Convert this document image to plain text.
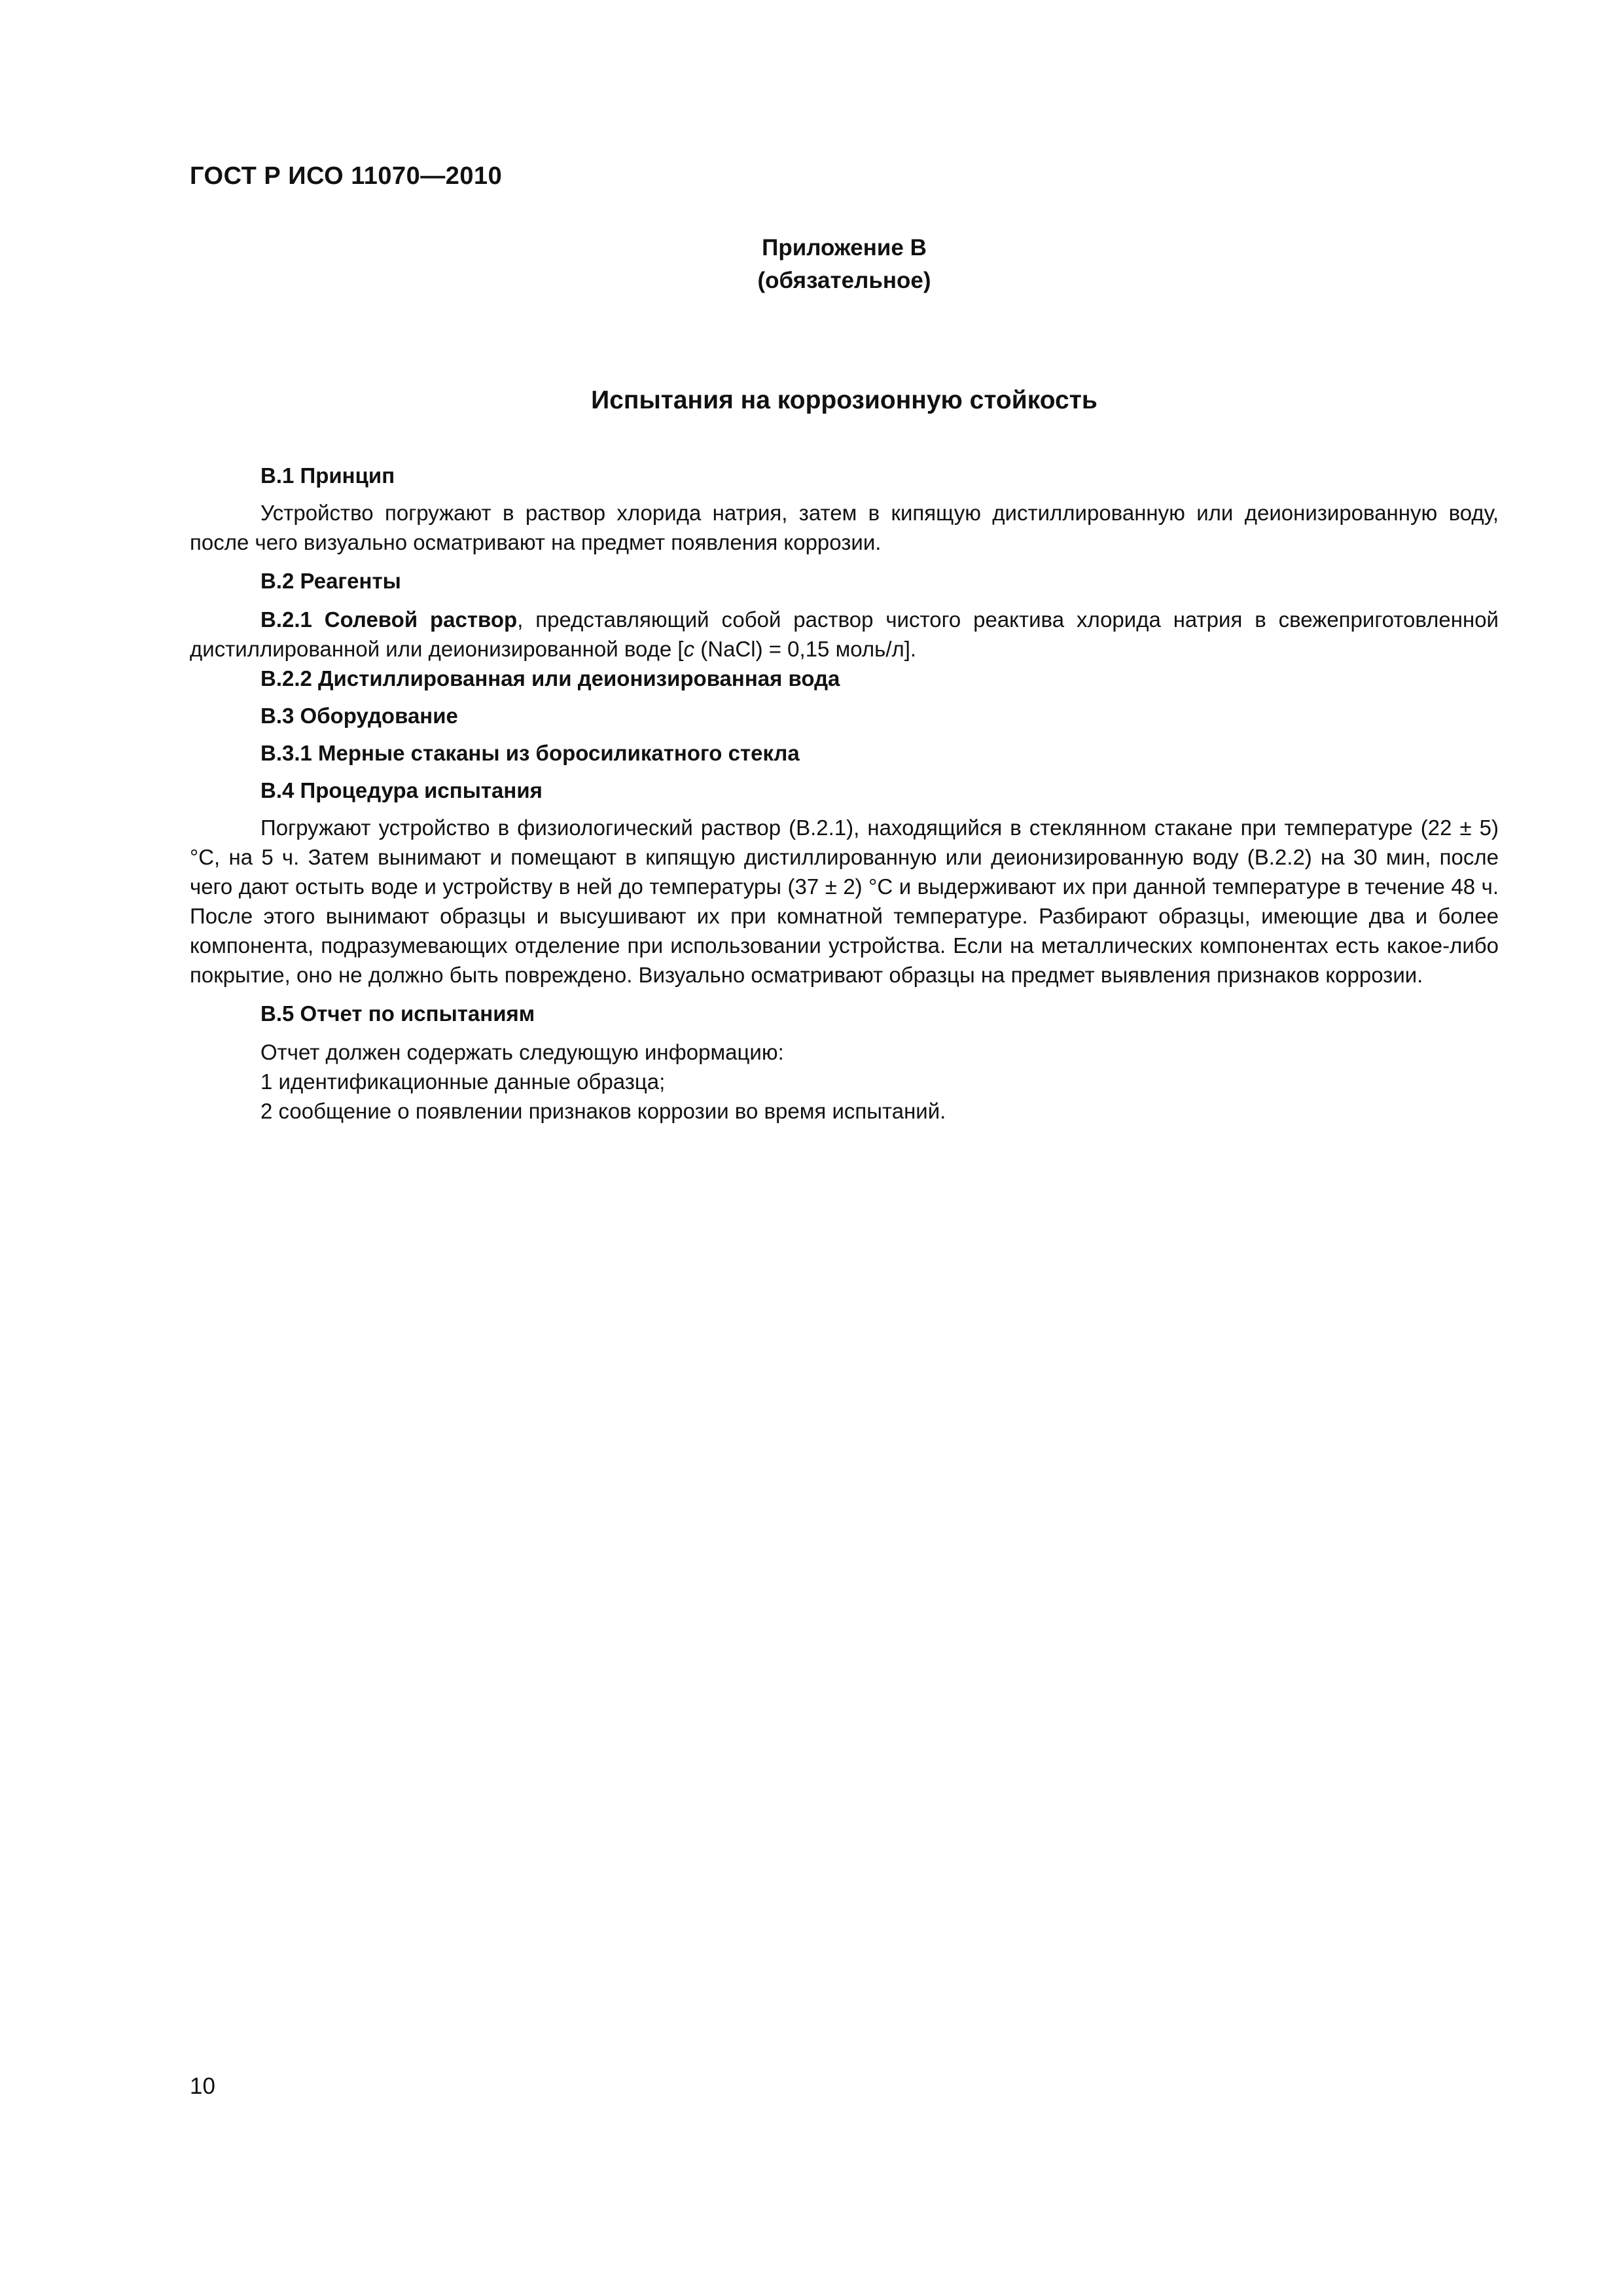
ГОСТ Р ИСО 11070—2010
Приложение В
(обязательное)
Испытания на коррозионную стойкость

В.1 Принцип

Устройство погружают в раствор хлорида натрия, затем в кипящую дистиллированную или деионизированную воду, после чего визуально осматривают на предмет появления коррозии.

В.2 Реагенты

В.2.1 Солевой раствор, представляющий собой раствор чистого реактива хлорида натрия в свежеприготовленной дистиллированной или деионизированной воде [c (NaCl) = 0,15 моль/л].

В.2.2 Дистиллированная или деионизированная вода

В.3 Оборудование

В.3.1 Мерные стаканы из боросиликатного стекла

В.4 Процедура испытания

Погружают устройство в физиологический раствор (В.2.1), находящийся в стеклянном стакане при температуре (22 ± 5) °С, на 5 ч. Затем вынимают и помещают в кипящую дистиллированную или деионизированную воду (В.2.2) на 30 мин, после чего дают остыть воде и устройству в ней до температуры (37 ± 2) °С и выдерживают их при данной температуре в течение 48 ч. После этого вынимают образцы и высушивают их при комнатной температуре. Разбирают образцы, имеющие два и более компонента, подразумевающих отделение при использовании устройства. Если на металлических компонентах есть какое-либо покрытие, оно не должно быть повреждено. Визуально осматривают образцы на предмет выявления признаков коррозии.

В.5 Отчет по испытаниям

Отчет должен содержать следующую информацию:

1 идентификационные данные образца;

2 сообщение о появлении признаков коррозии во время испытаний.

10
